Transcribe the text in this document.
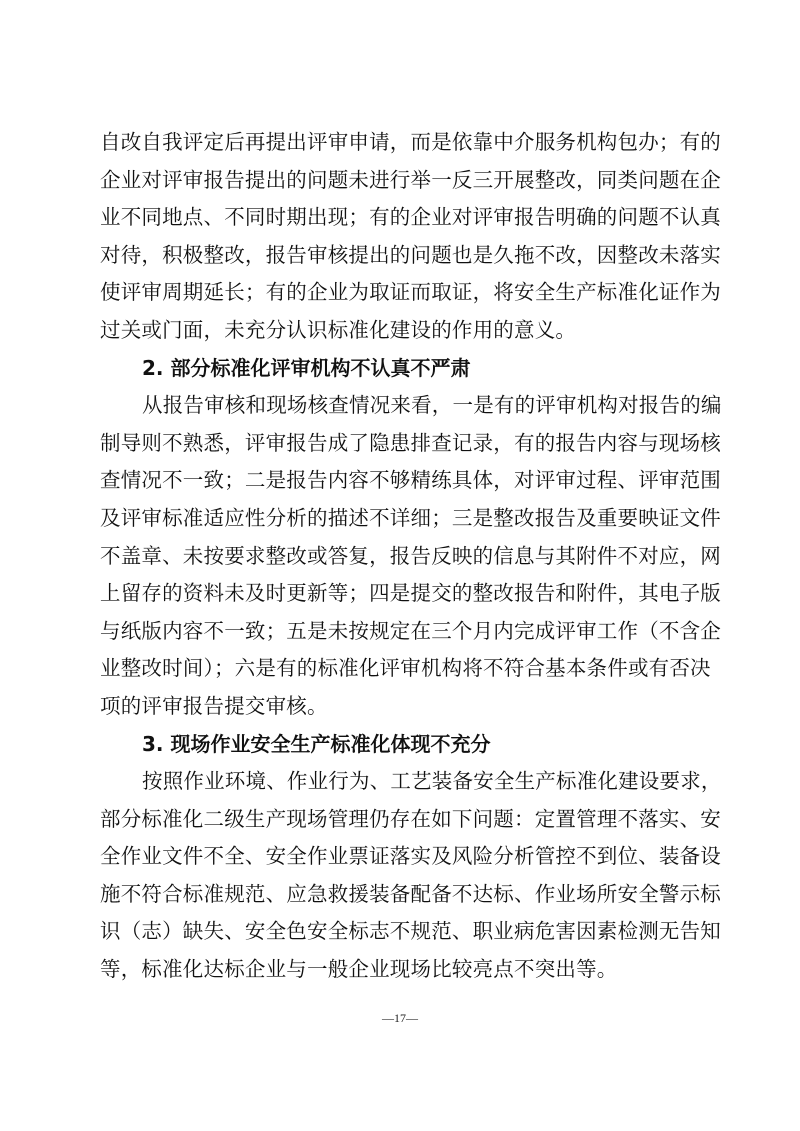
自改自我评定后再提出评审申请，而是依靠中介服务机构包办；有的
企业对评审报告提出的问题未进行举一反三开展整改，同类问题在企
业不同地点、不同时期出现；有的企业对评审报告明确的问题不认真
对待，积极整改，报告审核提出的问题也是久拖不改，因整改未落实
使评审周期延长；有的企业为取证而取证，将安全生产标准化证作为
过关或门面，未充分认识标准化建设的作用的意义。
2. 部分标准化评审机构不认真不严肃
从报告审核和现场核查情况来看，一是有的评审机构对报告的编
制导则不熟悉，评审报告成了隐患排查记录，有的报告内容与现场核
查情况不一致；二是报告内容不够精练具体，对评审过程、评审范围
及评审标准适应性分析的描述不详细；三是整改报告及重要映证文件
不盖章、未按要求整改或答复，报告反映的信息与其附件不对应，网
上留存的资料未及时更新等；四是提交的整改报告和附件，其电子版
与纸版内容不一致；五是未按规定在三个月内完成评审工作（不含企
业整改时间）；六是有的标准化评审机构将不符合基本条件或有否决
项的评审报告提交审核。
3. 现场作业安全生产标准化体现不充分
按照作业环境、作业行为、工艺装备安全生产标准化建设要求，
部分标准化二级生产现场管理仍存在如下问题：定置管理不落实、安
全作业文件不全、安全作业票证落实及风险分析管控不到位、装备设
施不符合标准规范、应急救援装备配备不达标、作业场所安全警示标
识（志）缺失、安全色安全标志不规范、职业病危害因素检测无告知
等，标准化达标企业与一般企业现场比较亮点不突出等。
—17—
